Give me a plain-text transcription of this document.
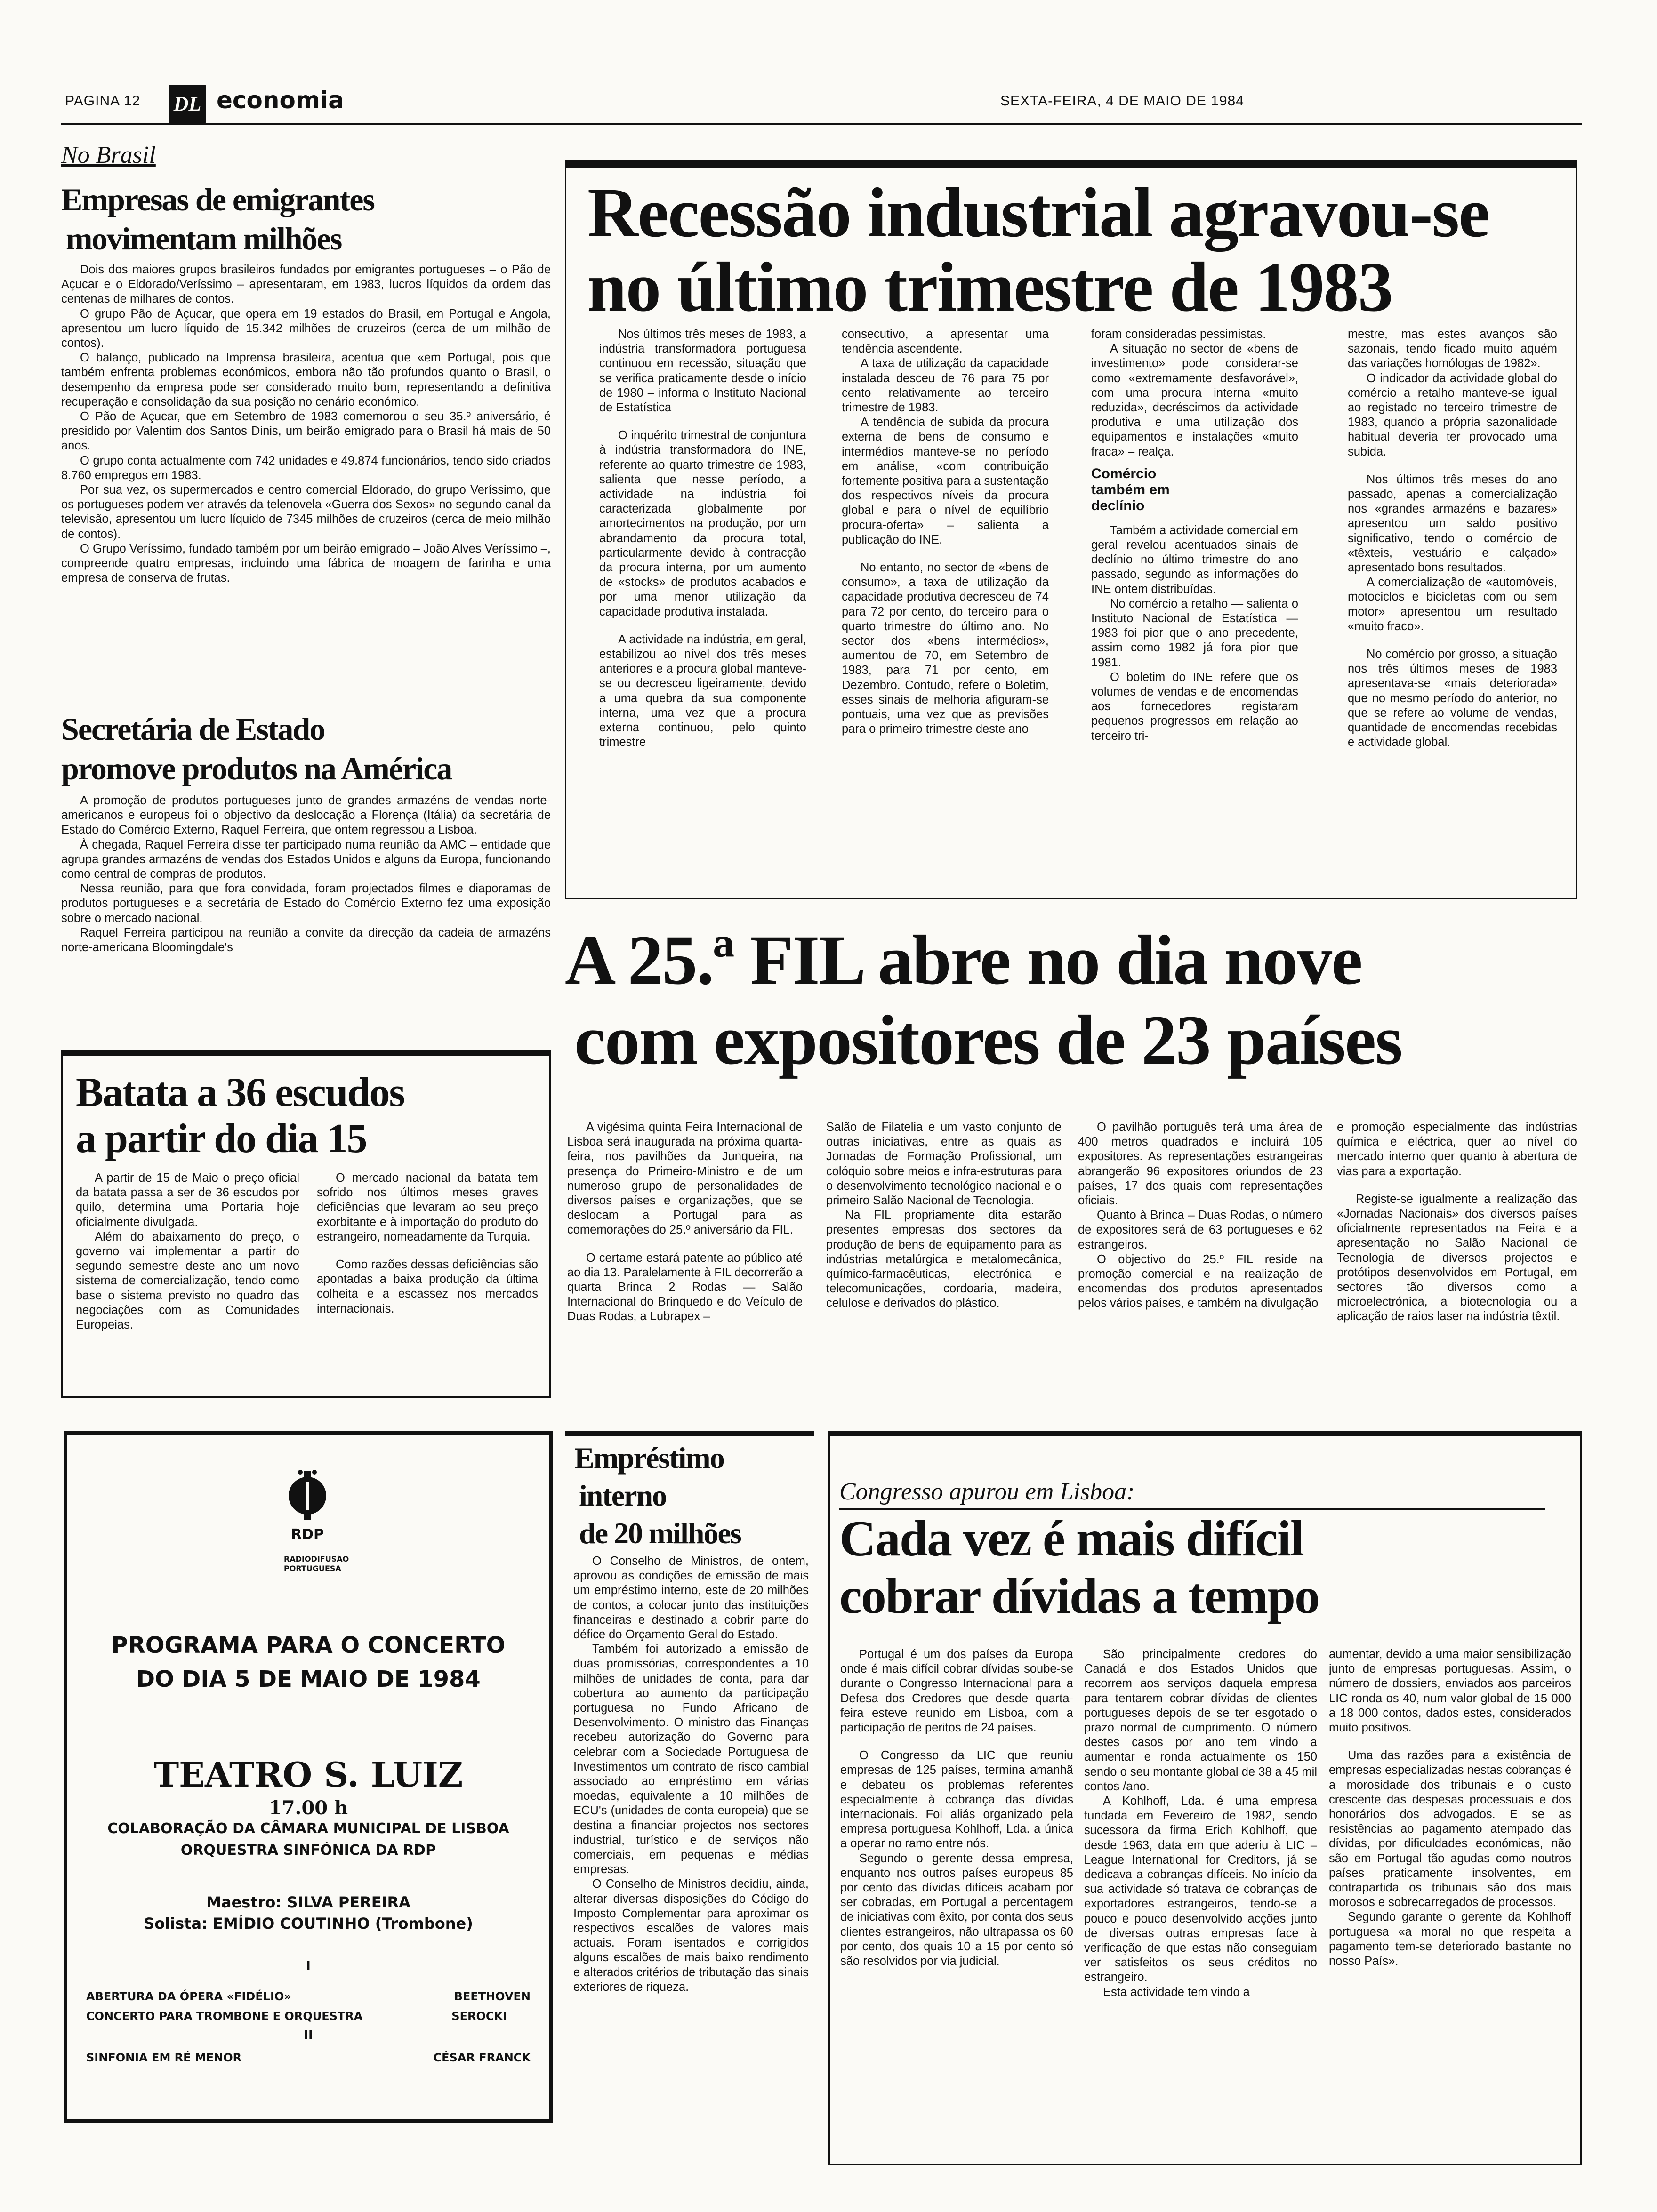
PAGINA 12 DL economia	SEXTA-FEIRA, 4 DE MAIO DE 1984
No Brasil
Empresas de emigrantes
movimentam milhões

Dois dos maiores grupos brasileiros fundados por emigrantes portugueses – o Pão de Açucar e o Eldorado/Veríssimo – apresentaram, em 1983, lucros líquidos da ordem das centenas de milhares de contos.

O grupo Pão de Açucar, que opera em 19 estados do Brasil, em Portugal e Angola, apresentou um lucro líquido de 15.342 milhões de cruzeiros (cerca de um milhão de contos).

O balanço, publicado na Imprensa brasileira, acentua que «em Portugal, pois que também enfrenta problemas económicos, embora não tão profundos quanto o Brasil, o desempenho da empresa pode ser considerado muito bom, representando a definitiva recuperação e consolidação da sua posição no cenário económico.

O Pão de Açucar, que em Setembro de 1983 comemorou o seu 35.º aniversário, é presidido por Valentim dos Santos Dinis, um beirão emigrado para o Brasil há mais de 50 anos.

O grupo conta actualmente com 742 unidades e 49.874 funcionários, tendo sido criados 8.760 empregos em 1983.

Por sua vez, os supermercados e centro comercial Eldorado, do grupo Veríssimo, que os portugueses podem ver através da telenovela «Guerra dos Sexos» no segundo canal da televisão, apresentou um lucro líquido de 7345 milhões de cruzeiros (cerca de meio milhão de contos).

O Grupo Veríssimo, fundado também por um beirão emigrado – João Alves Veríssimo –, compreende quatro empresas, incluindo uma fábrica de moagem de farinha e uma empresa de conserva de frutas.

Secretária de Estado
promove produtos na América

A promoção de produtos portugueses junto de grandes armazéns de vendas norte-americanos e europeus foi o objectivo da deslocação a Florença (Itália) da secretária de Estado do Comércio Externo, Raquel Ferreira, que ontem regressou a Lisboa.

À chegada, Raquel Ferreira disse ter participado numa reunião da AMC – entidade que agrupa grandes armazéns de vendas dos Estados Unidos e alguns da Europa, funcionando como central de compras de produtos.

Nessa reunião, para que fora convidada, foram projectados filmes e diaporamas de produtos portugueses e a secretária de Estado do Comércio Externo fez uma exposição sobre o mercado nacional.

Raquel Ferreira participou na reunião a convite da direcção da cadeia de armazéns norte-americana Bloomingdale's

Recessão industrial agravou-se
no último trimestre de 1983

Nos últimos três meses de 1983, a indústria transformadora portuguesa continuou em recessão, situação que se verifica praticamente desde o início de 1980 – informa o Instituto Nacional de Estatística

O inquérito trimestral de conjuntura à indústria transformadora do INE, referente ao quarto trimestre de 1983, salienta que nesse período, a actividade na indústria foi caracterizada globalmente por amortecimentos na produção, por um abrandamento da procura total, particularmente devido à contracção da procura interna, por um aumento de «stocks» de produtos acabados e por uma menor utilização da capacidade produtiva instalada.

A actividade na indústria, em geral, estabilizou ao nível dos três meses anteriores e a procura global manteve-se ou decresceu ligeiramente, devido a uma quebra da sua componente interna, uma vez que a procura externa continuou, pelo quinto trimestre

consecutivo, a apresentar uma tendência ascendente.

A taxa de utilização da capacidade instalada desceu de 76 para 75 por cento relativamente ao terceiro trimestre de 1983.

A tendência de subida da procura externa de bens de consumo e intermédios manteve-se no período em análise, «com contribuição fortemente positiva para a sustentação dos respectivos níveis da procura global e para o nível de equilíbrio procura-oferta» – salienta a publicação do INE.

No entanto, no sector de «bens de consumo», a taxa de utilização da capacidade produtiva decresceu de 74 para 72 por cento, do terceiro para o quarto trimestre do último ano. No sector dos «bens intermédios», aumentou de 70, em Setembro de 1983, para 71 por cento, em Dezembro. Contudo, refere o Boletim, esses sinais de melhoria afiguram-se pontuais, uma vez que as previsões para o primeiro trimestre deste ano

foram consideradas pessimistas.

A situação no sector de «bens de investimento» pode considerar-se como «extremamente desfavorável», com uma procura interna «muito reduzida», decréscimos da actividade produtiva e uma utilização dos equipamentos e instalações «muito fraca» – realça.

Comércio também em declínio

Também a actividade comercial em geral revelou acentuados sinais de declínio no último trimestre do ano passado, segundo as informações do INE ontem distribuídas.

No comércio a retalho — salienta o Instituto Nacional de Estatística — 1983 foi pior que o ano precedente, assim como 1982 já fora pior que 1981.

O boletim do INE refere que os volumes de vendas e de encomendas aos fornecedores registaram pequenos progressos em relação ao terceiro tri-

mestre, mas estes avanços são sazonais, tendo ficado muito aquém das variações homólogas de 1982».

O indicador da actividade global do comércio a retalho manteve-se igual ao registado no terceiro trimestre de 1983, quando a própria sazonalidade habitual deveria ter provocado uma subida.

Nos últimos três meses do ano passado, apenas a comercialização nos «grandes armazéns e bazares» apresentou um saldo positivo significativo, tendo o comércio de «têxteis, vestuário e calçado» apresentado bons resultados.

A comercialização de «automóveis, motociclos e bicicletas com ou sem motor» apresentou um resultado «muito fraco».

No comércio por grosso, a situação nos três últimos meses de 1983 apresentava-se «mais deteriorada» que no mesmo período do anterior, no que se refere ao volume de vendas, quantidade de encomendas recebidas e actividade global.

A 25.ª FIL abre no dia nove
com expositores de 23 países

A vigésima quinta Feira Internacional de Lisboa será inaugurada na próxima quarta-feira, nos pavilhões da Junqueira, na presença do Primeiro-Ministro e de um numeroso grupo de personalidades de diversos países e organizações, que se deslocam a Portugal para as comemorações do 25.º aniversário da FIL.

O certame estará patente ao público até ao dia 13. Paralelamente à FIL decorrerão a quarta Brinca 2 Rodas — Salão Internacional do Brinquedo e do Veículo de Duas Rodas, a Lubrapex –

Salão de Filatelia e um vasto conjunto de outras iniciativas, entre as quais as Jornadas de Formação Profissional, um colóquio sobre meios e infra-estruturas para o desenvolvimento tecnológico nacional e o primeiro Salão Nacional de Tecnologia.

Na FIL propriamente dita estarão presentes empresas dos sectores da produção de bens de equipamento para as indústrias metalúrgica e metalomecânica, químico-farmacêuticas, electrónica e telecomunicações, cordoaria, madeira, celulose e derivados do plástico.

O pavilhão português terá uma área de 400 metros quadrados e incluirá 105 expositores. As representações estrangeiras abrangerão 96 expositores oriundos de 23 países, 17 dos quais com representações oficiais.

Quanto à Brinca – Duas Rodas, o número de expositores será de 63 portugueses e 62 estrangeiros.

O objectivo do 25.º FIL reside na promoção comercial e na realização de encomendas dos produtos apresentados pelos vários países, e também na divulgação

e promoção especialmente das indústrias química e eléctrica, quer ao nível do mercado interno quer quanto à abertura de vias para a exportação.

Registe-se igualmente a realização das «Jornadas Nacionais» dos diversos países oficialmente representados na Feira e a apresentação no Salão Nacional de Tecnologia de diversos projectos e protótipos desenvolvidos em Portugal, em sectores tão diversos como a microelectrónica, a biotecnologia ou a aplicação de raios laser na indústria têxtil.

Batata a 36 escudos
a partir do dia 15

A partir de 15 de Maio o preço oficial da batata passa a ser de 36 escudos por quilo, determina uma Portaria hoje oficialmente divulgada.

Além do abaixamento do preço, o governo vai implementar a partir do segundo semestre deste ano um novo sistema de comercialização, tendo como base o sistema previsto no quadro das negociações com as Comunidades Europeias.

O mercado nacional da batata tem sofrido nos últimos meses graves deficiências que levaram ao seu preço exorbitante e à importação do produto do estrangeiro, nomeadamente da Turquia.

Como razões dessas deficiências são apontadas a baixa produção da última colheita e a escassez nos mercados internacionais.

RDP
RADIODIFUSÃO
PORTUGUESA
PROGRAMA PARA O CONCERTO
DO DIA 5 DE MAIO DE 1984
TEATRO S. LUIZ
17.00 h
COLABORAÇÃO DA CÂMARA MUNICIPAL DE LISBOA
ORQUESTRA SINFÓNICA DA RDP
Maestro: SILVA PEREIRA
Solista: EMÍDIO COUTINHO (Trombone)
I
ABERTURA DA ÓPERA «FIDÉLIO»	BEETHOVEN
CONCERTO PARA TROMBONE E ORQUESTRA	SEROCKI
II
SINFONIA EM RÉ MENOR	CÉSAR FRANCK
Empréstimo
interno
de 20 milhões

O Conselho de Ministros, de ontem, aprovou as condições de emissão de mais um empréstimo interno, este de 20 milhões de contos, a colocar junto das instituições financeiras e destinado a cobrir parte do défice do Orçamento Geral do Estado.

Também foi autorizado a emissão de duas promissórias, correspondentes a 10 milhões de unidades de conta, para dar cobertura ao aumento da participação portuguesa no Fundo Africano de Desenvolvimento. O ministro das Finanças recebeu autorização do Governo para celebrar com a Sociedade Portuguesa de Investimentos um contrato de risco cambial associado ao empréstimo em várias moedas, equivalente a 10 milhões de ECU's (unidades de conta europeia) que se destina a financiar projectos nos sectores industrial, turístico e de serviços não comerciais, em pequenas e médias empresas.

O Conselho de Ministros decidiu, ainda, alterar diversas disposições do Código do Imposto Complementar para aproximar os respectivos escalões de valores mais actuais. Foram isentados e corrigidos alguns escalões de mais baixo rendimento e alterados critérios de tributação das sinais exteriores de riqueza.

Congresso apurou em Lisboa:
Cada vez é mais difícil
cobrar dívidas a tempo

Portugal é um dos países da Europa onde é mais difícil cobrar dívidas soube-se durante o Congresso Internacional para a Defesa dos Credores que desde quarta-feira esteve reunido em Lisboa, com a participação de peritos de 24 países.

O Congresso da LIC que reuniu empresas de 125 países, termina amanhã e debateu os problemas referentes especialmente à cobrança das dívidas internacionais. Foi aliás organizado pela empresa portuguesa Kohlhoff, Lda. a única a operar no ramo entre nós.

Segundo o gerente dessa empresa, enquanto nos outros países europeus 85 por cento das dívidas difíceis acabam por ser cobradas, em Portugal a percentagem de iniciativas com êxito, por conta dos seus clientes estrangeiros, não ultrapassa os 60 por cento, dos quais 10 a 15 por cento só são resolvidos por via judicial.

São principalmente credores do Canadá e dos Estados Unidos que recorrem aos serviços daquela empresa para tentarem cobrar dívidas de clientes portugueses depois de se ter esgotado o prazo normal de cumprimento. O número destes casos por ano tem vindo a aumentar e ronda actualmente os 150 sendo o seu montante global de 38 a 45 mil contos /ano.

A Kohlhoff, Lda. é uma empresa fundada em Fevereiro de 1982, sendo sucessora da firma Erich Kohlhoff, que desde 1963, data em que aderiu à LIC – League International for Creditors, já se dedicava a cobranças difíceis. No início da sua actividade só tratava de cobranças de exportadores estrangeiros, tendo-se a pouco e pouco desenvolvido acções junto de diversas outras empresas face à verificação de que estas não conseguiam ver satisfeitos os seus créditos no estrangeiro.

Esta actividade tem vindo a

aumentar, devido a uma maior sensibilização junto de empresas portuguesas. Assim, o número de dossiers, enviados aos parceiros LIC ronda os 40, num valor global de 15 000 a 18 000 contos, dados estes, considerados muito positivos.

Uma das razões para a existência de empresas especializadas nestas cobranças é a morosidade dos tribunais e o custo crescente das despesas processuais e dos honorários dos advogados. E se as resistências ao pagamento atempado das dívidas, por dificuldades económicas, não são em Portugal tão agudas como noutros países praticamente insolventes, em contrapartida os tribunais são dos mais morosos e sobrecarregados de processos.

Segundo garante o gerente da Kohlhoff portuguesa «a moral no que respeita a pagamento tem-se deteriorado bastante no nosso País».
